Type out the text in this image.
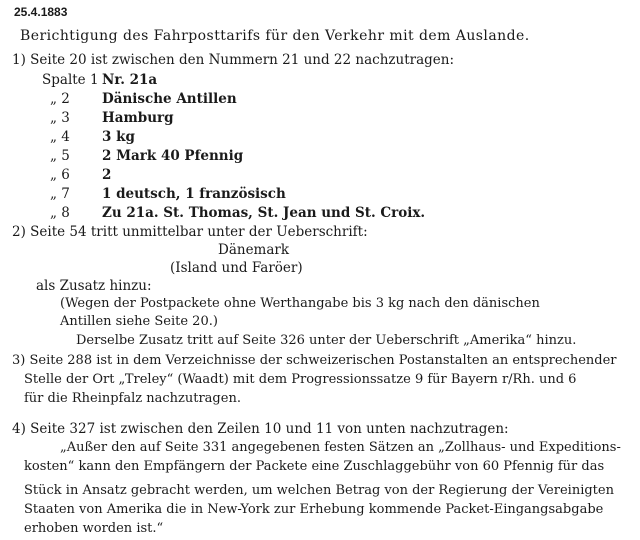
25.4.1883
Berichtigung des Fahrposttarifs für den Verkehr mit dem Auslande.
1) Seite 20 ist zwischen den Nummern 21 und 22 nachzutragen:
Spalte 1 Nr. 21a
„ 2	Dänische Antillen
„ 3	Hamburg
„ 4	3 kg
„ 5	2 Mark 40 Pfennig
„ 6	2
„ 7	1 deutsch, 1 französisch
„ 8	Zu 21a. St. Thomas, St. Jean und St. Croix.
2) Seite 54 tritt unmittelbar unter der Ueberschrift:
Dänemark
(Island und Faröer)
als Zusatz hinzu:
(Wegen der Postpackete ohne Werthangabe bis 3 kg nach den dänischen
Antillen siehe Seite 20.)
Derselbe Zusatz tritt auf Seite 326 unter der Ueberschrift „Amerika“ hinzu.
3) Seite 288 ist in dem Verzeichnisse der schweizerischen Postanstalten an entsprechender
Stelle der Ort „Treley“ (Waadt) mit dem Progressionssatze 9 für Bayern r/Rh. und 6
für die Rheinpfalz nachzutragen.
4) Seite 327 ist zwischen den Zeilen 10 und 11 von unten nachzutragen:
„Außer den auf Seite 331 angegebenen festen Sätzen an „Zollhaus- und Expeditions-
kosten“ kann den Empfängern der Packete eine Zuschlaggebühr von 60 Pfennig für das
Stück in Ansatz gebracht werden, um welchen Betrag von der Regierung der Vereinigten
Staaten von Amerika die in New-York zur Erhebung kommende Packet-Eingangsabgabe
erhoben worden ist.“
